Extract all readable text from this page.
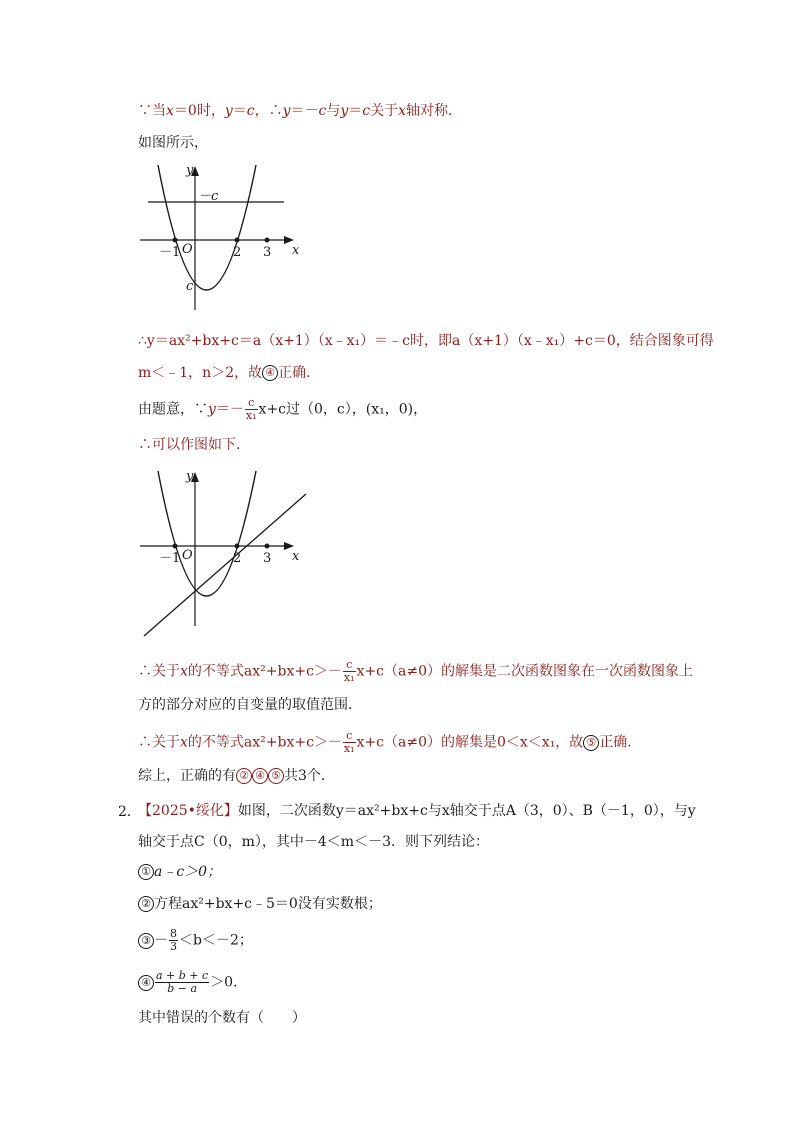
∵当x＝0时，y＝c，∴y＝－c与y＝c关于x轴对称．
如图所示，
y
x
－c
O
－1	2 3
c
∴y＝ax²+bx+c＝a（x+1）（x﹣x₁）＝﹣c时，即a（x+1）（x﹣x₁）+c＝0，结合图象可得
m＜﹣1，n＞2，故 ④ 正确．
由题意，∵y＝－ $\frac{c}{\text{x₁}} x+c$过（0，c），(x₁，0)，
∴可以作图如下．
y
x
O
－1	2 3
∴关于x的不等式$ax^2+bx+c>- \frac{c}{\text{x₁}} x+c(a\ne 0)$的解集是二次函数图象在一次函数图象上
方的部分对应的自变量的取值范围．
∴关于x的不等式$ax^2+bx+c>- \frac{c}{\text{x₁}} x+c(a\ne 0)$的解集是0＜x＜x₁，故 ⑤ 正确．
综上，正确的有 ② ④ ⑤ 共3个．
2．
【2025•绥化】如图，二次函数y＝ax²+bx+c与x轴交于点A（3，0）、B（－1，0），与y
轴交于点C（0，m），其中－4＜m＜－3．则下列结论：
① a﹣c＞0；
② 方程ax²+bx+c﹣5＝0没有实数根；
③ － $\frac{8}{3} <b<-2$；
④ $\frac{a + b + c}{b - a} >0$．
其中错误的个数有（　　）
